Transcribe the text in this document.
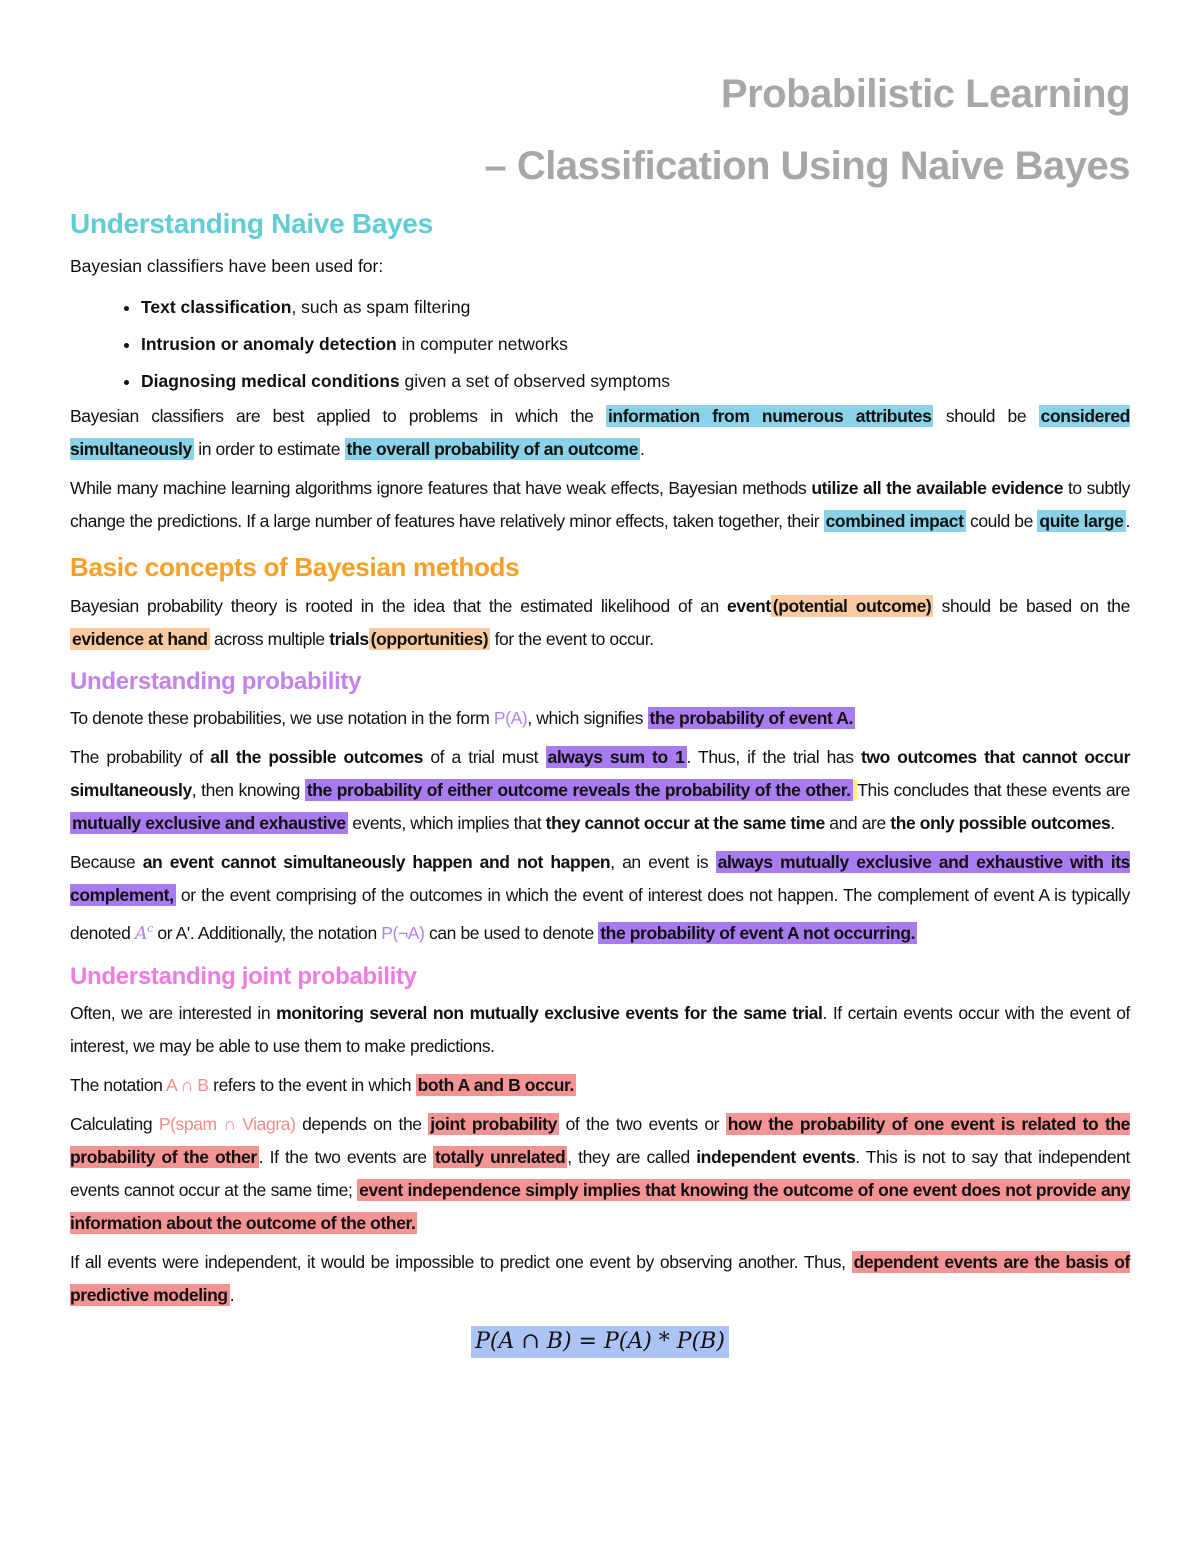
Probabilistic Learning
– Classification Using Naive Bayes
Understanding Naive Bayes

Bayesian classifiers have been used for:

• Text classification, such as spam filtering
• Intrusion or anomaly detection in computer networks
• Diagnosing medical conditions given a set of observed symptoms

Bayesian classifiers are best applied to problems in which the information from numerous attributes should be considered simultaneously in order to estimate the overall probability of an outcome .

While many machine learning algorithms ignore features that have weak effects, Bayesian methods utilize all the available evidence to subtly change the predictions. If a large number of features have relatively minor effects, taken together, their combined impact could be quite large .

Basic concepts of Bayesian methods

Bayesian probability theory is rooted in the idea that the estimated likelihood of an event (potential outcome) should be based on the evidence at hand across multiple trials (opportunities) for the event to occur.

Understanding probability

To denote these probabilities, we use notation in the form P(A), which signifies the probability of event A.

The probability of all the possible outcomes of a trial must always sum to 1 . Thus, if the trial has two outcomes that cannot occur simultaneously, then knowing the probability of either outcome reveals the probability of the other. This concludes that these events are mutually exclusive and exhaustive events, which implies that they cannot occur at the same time and are the only possible outcomes.

Because an event cannot simultaneously happen and not happen, an event is always mutually exclusive and exhaustive with its complement, or the event comprising of the outcomes in which the event of interest does not happen. The complement of event A is typically denoted $A^c$ or A'. Additionally, the notation P(¬A) can be used to denote the probability of event A not occurring.

Understanding joint probability

Often, we are interested in monitoring several non mutually exclusive events for the same trial. If certain events occur with the event of interest, we may be able to use them to make predictions.

The notation A ∩ B refers to the event in which both A and B occur.

Calculating P(spam ∩ Viagra) depends on the joint probability of the two events or how the probability of one event is related to the probability of the other . If the two events are totally unrelated , they are called independent events. This is not to say that independent events cannot occur at the same time; event independence simply implies that knowing the outcome of one event does not provide any information about the outcome of the other.

If all events were independent, it would be impossible to predict one event by observing another. Thus, dependent events are the basis of predictive modeling .

P(A ∩ B) = P(A) * P(B)
